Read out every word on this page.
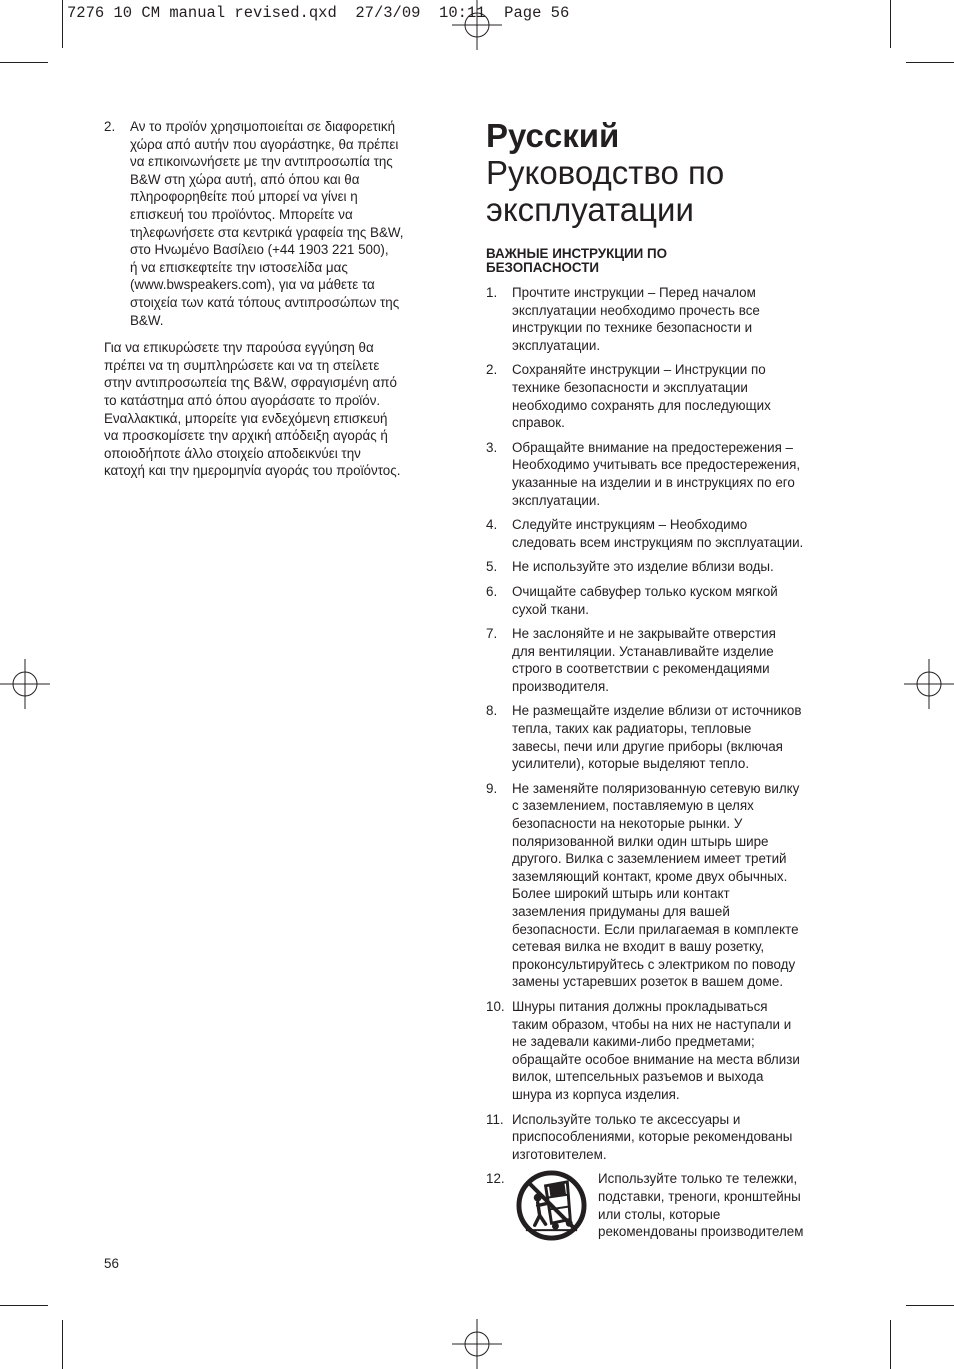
7276 10 CM manual revised.qxd  27/3/09  10:11  Page 56
2. Αν το προϊόν χρησιμοποιείται σε διαφορετική
χώρα από αυτήν που αγοράστηκε, θα πρέπει
να επικοινωνήσετε με την αντιπροσωπία της
B&W στη χώρα αυτή, από όπου και θα
πληροφορηθείτε πού μπορεί να γίνει η
επισκευή του προϊόντος. Μπορείτε να
τηλεφωνήσετε στα κεντρικά γραφεία της B&W,
στο Ηνωμένο Βασίλειο (+44 1903 221 500),
ή να επισκεφτείτε την ιστοσελίδα μας
(www.bwspeakers.com), για να μάθετε τα
στοιχεία των κατά τόπους αντιπροσώπων της
B&W.
Για να επικυρώσετε την παρούσα εγγύηση θα
πρέπει να τη συμπληρώσετε και να τη στείλετε
στην αντιπροσωπεία της B&W, σφραγισμένη από
το κατάστημα από όπου αγοράσατε το προϊόν.
Εναλλακτικά, μπορείτε για ενδεχόμενη επισκευή
να προσκομίσετε την αρχική απόδειξη αγοράς ή
οποιοδήποτε άλλο στοιχείο αποδεικνύει την
κατοχή και την ημερομηνία αγοράς του προϊόντος.
Русский
Руководство по
эксплуатации
ВАЖНЫЕ ИНСТРУКЦИИ ПО
БЕЗОПАСНОСТИ
1. Прочтите инструкции – Перед началом
эксплуатации необходимо прочесть все
инструкции по технике безопасности и
эксплуатации.
2. Сохраняйте инструкции – Инструкции по
технике безопасности и эксплуатации
необходимо сохранять для последующих
справок.
3. Обращайте внимание на предостережения –
Необходимо учитывать все предостережения,
указанные на изделии и в инструкциях по его
эксплуатации.
4. Следуйте инструкциям – Необходимо
следовать всем инструкциям по эксплуатации.
5. Не используйте это изделие вблизи воды.
6. Очищайте сабвуфер только куском мягкой
сухой ткани.
7. Не заслоняйте и не закрывайте отверстия
для вентиляции. Устанавливайте изделие
строго в соответствии с рекомендациями
производителя.
8. Не размещайте изделие вблизи от источников
тепла, таких как радиаторы, тепловые
завесы, печи или другие приборы (включая
усилители), которые выделяют тепло.
9. Не заменяйте поляризованную сетевую вилку
с заземлением, поставляемую в целях
безопасности на некоторые рынки. У
поляризованной вилки один штырь шире
другого. Вилка с заземлением имеет третий
заземляющий контакт, кроме двух обычных.
Более широкий штырь или контакт
заземления придуманы для вашей
безопасности. Если прилагаемая в комплекте
сетевая вилка не входит в вашу розетку,
проконсультируйтесь с электриком по поводу
замены устаревших розеток в вашем доме.
10. Шнуры питания должны прокладываться
таким образом, чтобы на них не наступали и
не задевали какими-либо предметами;
обращайте особое внимание на места вблизи
вилок, штепсельных разъемов и выхода
шнура из корпуса изделия.
11. Используйте только те аксессуары и
приспособлениями, которые рекомендованы
изготовителем.
12.	Используйте только те тележки,
подставки, треноги, кронштейны
или столы, которые
рекомендованы производителем
56
